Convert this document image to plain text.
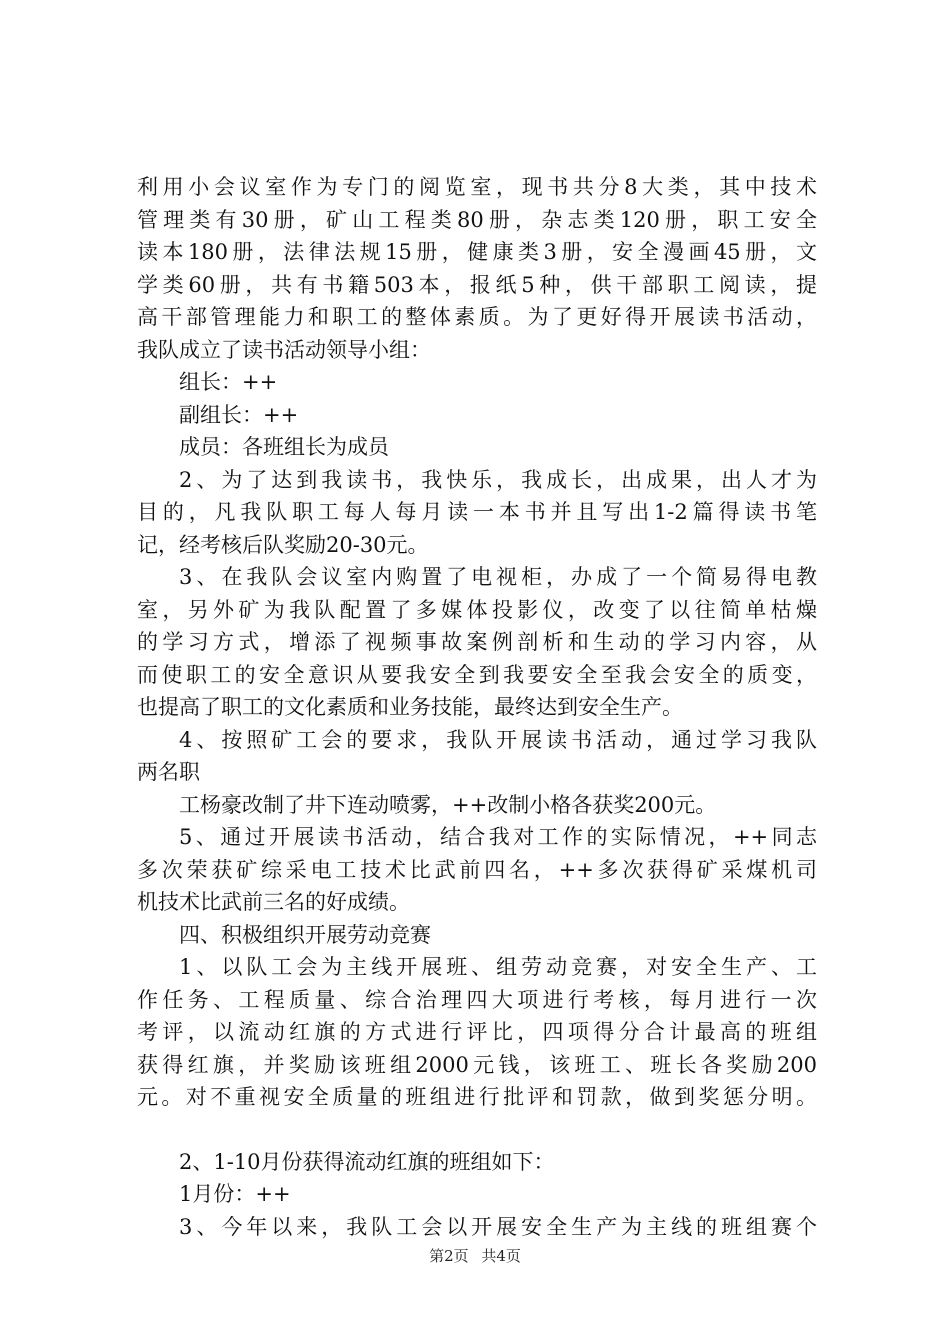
利用小会议室作为专门的阅览室，现书共分8大类，其中技术
管理类有30册，矿山工程类80册，杂志类120册，职工安全
读本180册，法律法规15册，健康类3册，安全漫画45册，文
学类60册，共有书籍503本，报纸5种，供干部职工阅读，提
高干部管理能力和职工的整体素质。为了更好得开展读书活动，
我队成立了读书活动领导小组：
组长：++
副组长：++
成员：各班组长为成员
2、为了达到我读书，我快乐，我成长，出成果，出人才为
目的，凡我队职工每人每月读一本书并且写出1-2篇得读书笔
记，经考核后队奖励20-30元。
3、在我队会议室内购置了电视柜，办成了一个简易得电教
室，另外矿为我队配置了多媒体投影仪，改变了以往简单枯燥
的学习方式，增添了视频事故案例剖析和生动的学习内容，从
而使职工的安全意识从要我安全到我要安全至我会安全的质变，
也提高了职工的文化素质和业务技能，最终达到安全生产。
4、按照矿工会的要求，我队开展读书活动，通过学习我队
两名职
工杨豪改制了井下连动喷雾，++改制小格各获奖200元。
5、通过开展读书活动，结合我对工作的实际情况，++同志
多次荣获矿综采电工技术比武前四名，++多次获得矿采煤机司
机技术比武前三名的好成绩。
四、积极组织开展劳动竞赛
1、以队工会为主线开展班、组劳动竞赛，对安全生产、工
作任务、工程质量、综合治理四大项进行考核，每月进行一次
考评，以流动红旗的方式进行评比，四项得分合计最高的班组
获得红旗，并奖励该班组2000元钱，该班工、班长各奖励200
元。对不重视安全质量的班组进行批评和罚款，做到奖惩分明。
2、1-10月份获得流动红旗的班组如下：
1月份：++
3、今年以来，我队工会以开展安全生产为主线的班组赛个
第2页 共4页
